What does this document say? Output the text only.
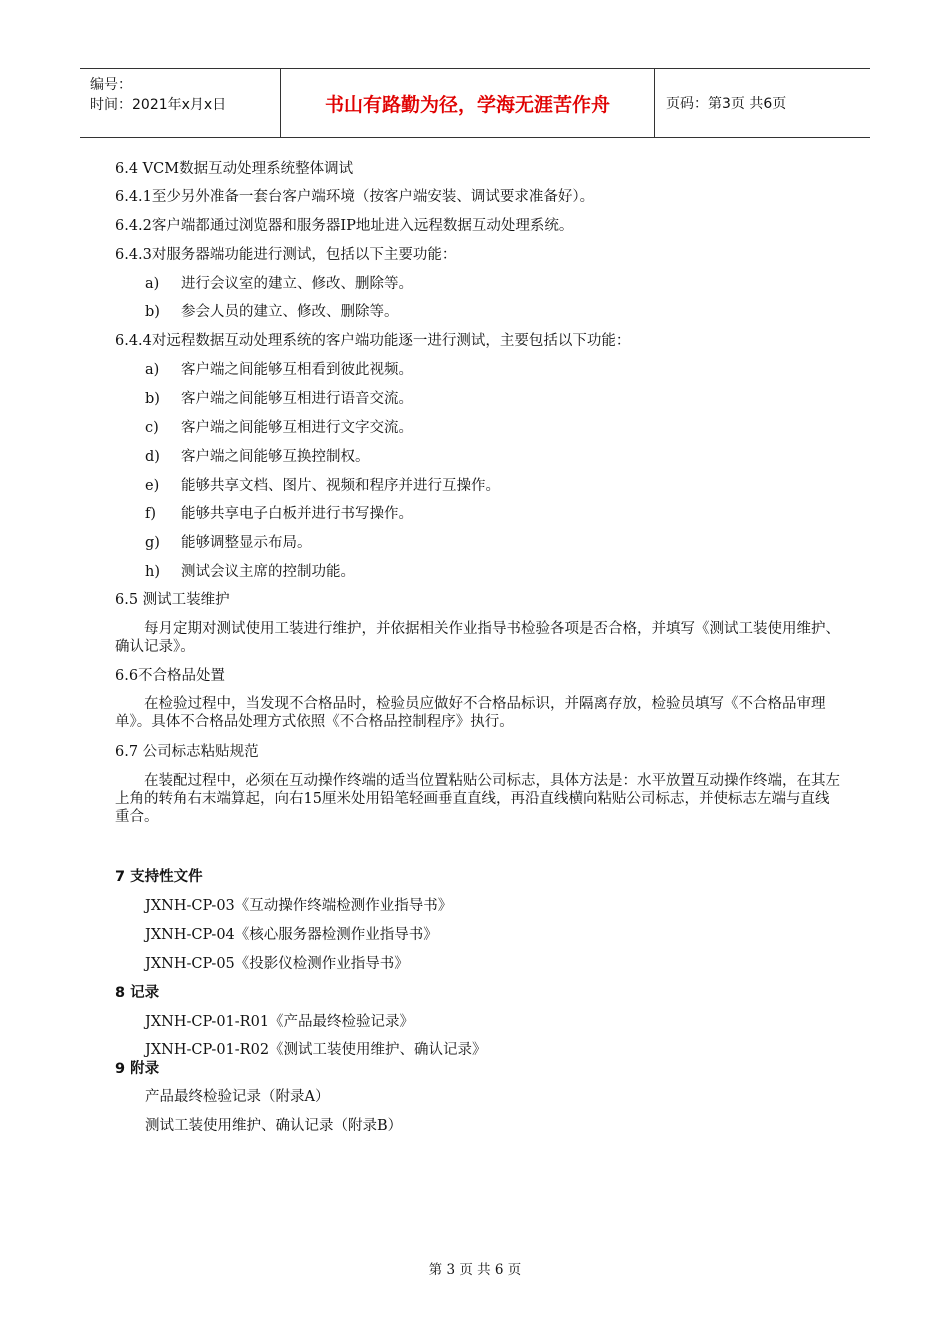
编号：
时间：2021年x月x日	书山有路勤为径，学海无涯苦作舟	页码：第3页 共6页
6.4 VCM数据互动处理系统整体调试
6.4.1至少另外准备一套台客户端环境（按客户端安装、调试要求准备好）。
6.4.2客户端都通过浏览器和服务器IP地址进入远程数据互动处理系统。
6.4.3对服务器端功能进行测试，包括以下主要功能：
a) 进行会议室的建立、修改、删除等。
b) 参会人员的建立、修改、删除等。
6.4.4对远程数据互动处理系统的客户端功能逐一进行测试，主要包括以下功能：
a) 客户端之间能够互相看到彼此视频。
b) 客户端之间能够互相进行语音交流。
c) 客户端之间能够互相进行文字交流。
d) 客户端之间能够互换控制权。
e) 能够共享文档、图片、视频和程序并进行互操作。
f) 能够共享电子白板并进行书写操作。
g) 能够调整显示布局。
h) 测试会议主席的控制功能。
6.5 测试工装维护
每月定期对测试使用工装进行维护，并依据相关作业指导书检验各项是否合格，并填写《测试工装使用维护、确认记录》。
6.6不合格品处置
在检验过程中，当发现不合格品时，检验员应做好不合格品标识，并隔离存放，检验员填写《不合格品审理单》。具体不合格品处理方式依照《不合格品控制程序》执行。
6.7 公司标志粘贴规范
在装配过程中，必须在互动操作终端的适当位置粘贴公司标志，具体方法是：水平放置互动操作终端，在其左上角的转角右末端算起，向右15厘米处用铅笔轻画垂直直线，再沿直线横向粘贴公司标志，并使标志左端与直线重合。
7 支持性文件
JXNH-CP-03《互动操作终端检测作业指导书》
JXNH-CP-04《核心服务器检测作业指导书》
JXNH-CP-05《投影仪检测作业指导书》
8 记录
JXNH-CP-01-R01《产品最终检验记录》
JXNH-CP-01-R02《测试工装使用维护、确认记录》
9 附录
产品最终检验记录（附录A）
测试工装使用维护、确认记录（附录B）
第 3 页 共 6 页
